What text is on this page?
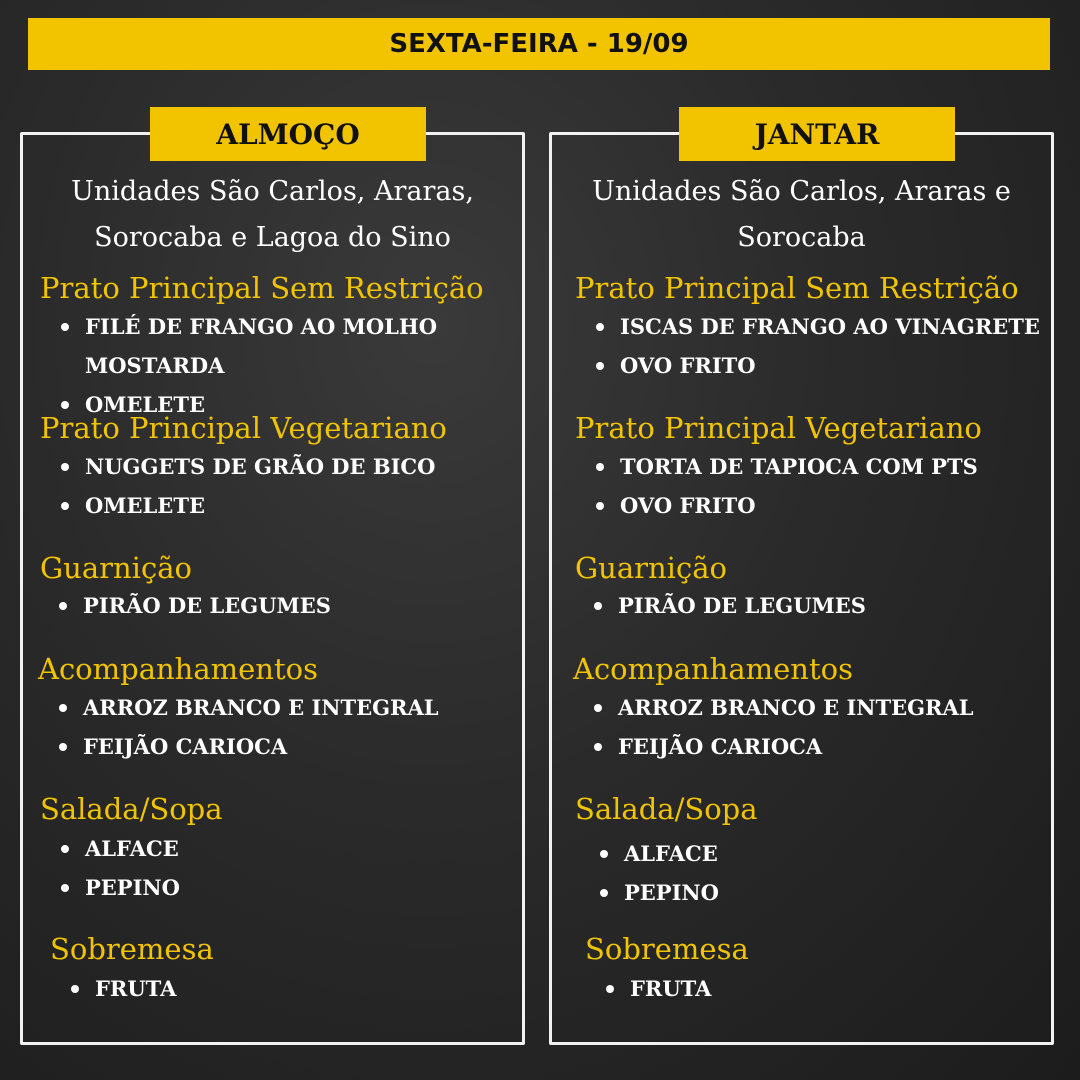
SEXTA-FEIRA - 19/09
ALMOÇO
Unidades São Carlos, Araras,
Sorocaba e Lagoa do Sino
Prato Principal Sem Restrição
FILÉ DE FRANGO AO MOLHO
MOSTARDA
OMELETE
Prato Principal Vegetariano
NUGGETS DE GRÃO DE BICO
OMELETE
Guarnição
PIRÃO DE LEGUMES
Acompanhamentos
ARROZ BRANCO E INTEGRAL
FEIJÃO CARIOCA
Salada/Sopa
ALFACE
PEPINO
Sobremesa
FRUTA
JANTAR
Unidades São Carlos, Araras e
Sorocaba
Prato Principal Sem Restrição
ISCAS DE FRANGO AO VINAGRETE
OVO FRITO
Prato Principal Vegetariano
TORTA DE TAPIOCA COM PTS
OVO FRITO
Guarnição
PIRÃO DE LEGUMES
Acompanhamentos
ARROZ BRANCO E INTEGRAL
FEIJÃO CARIOCA
Salada/Sopa
ALFACE
PEPINO
Sobremesa
FRUTA
